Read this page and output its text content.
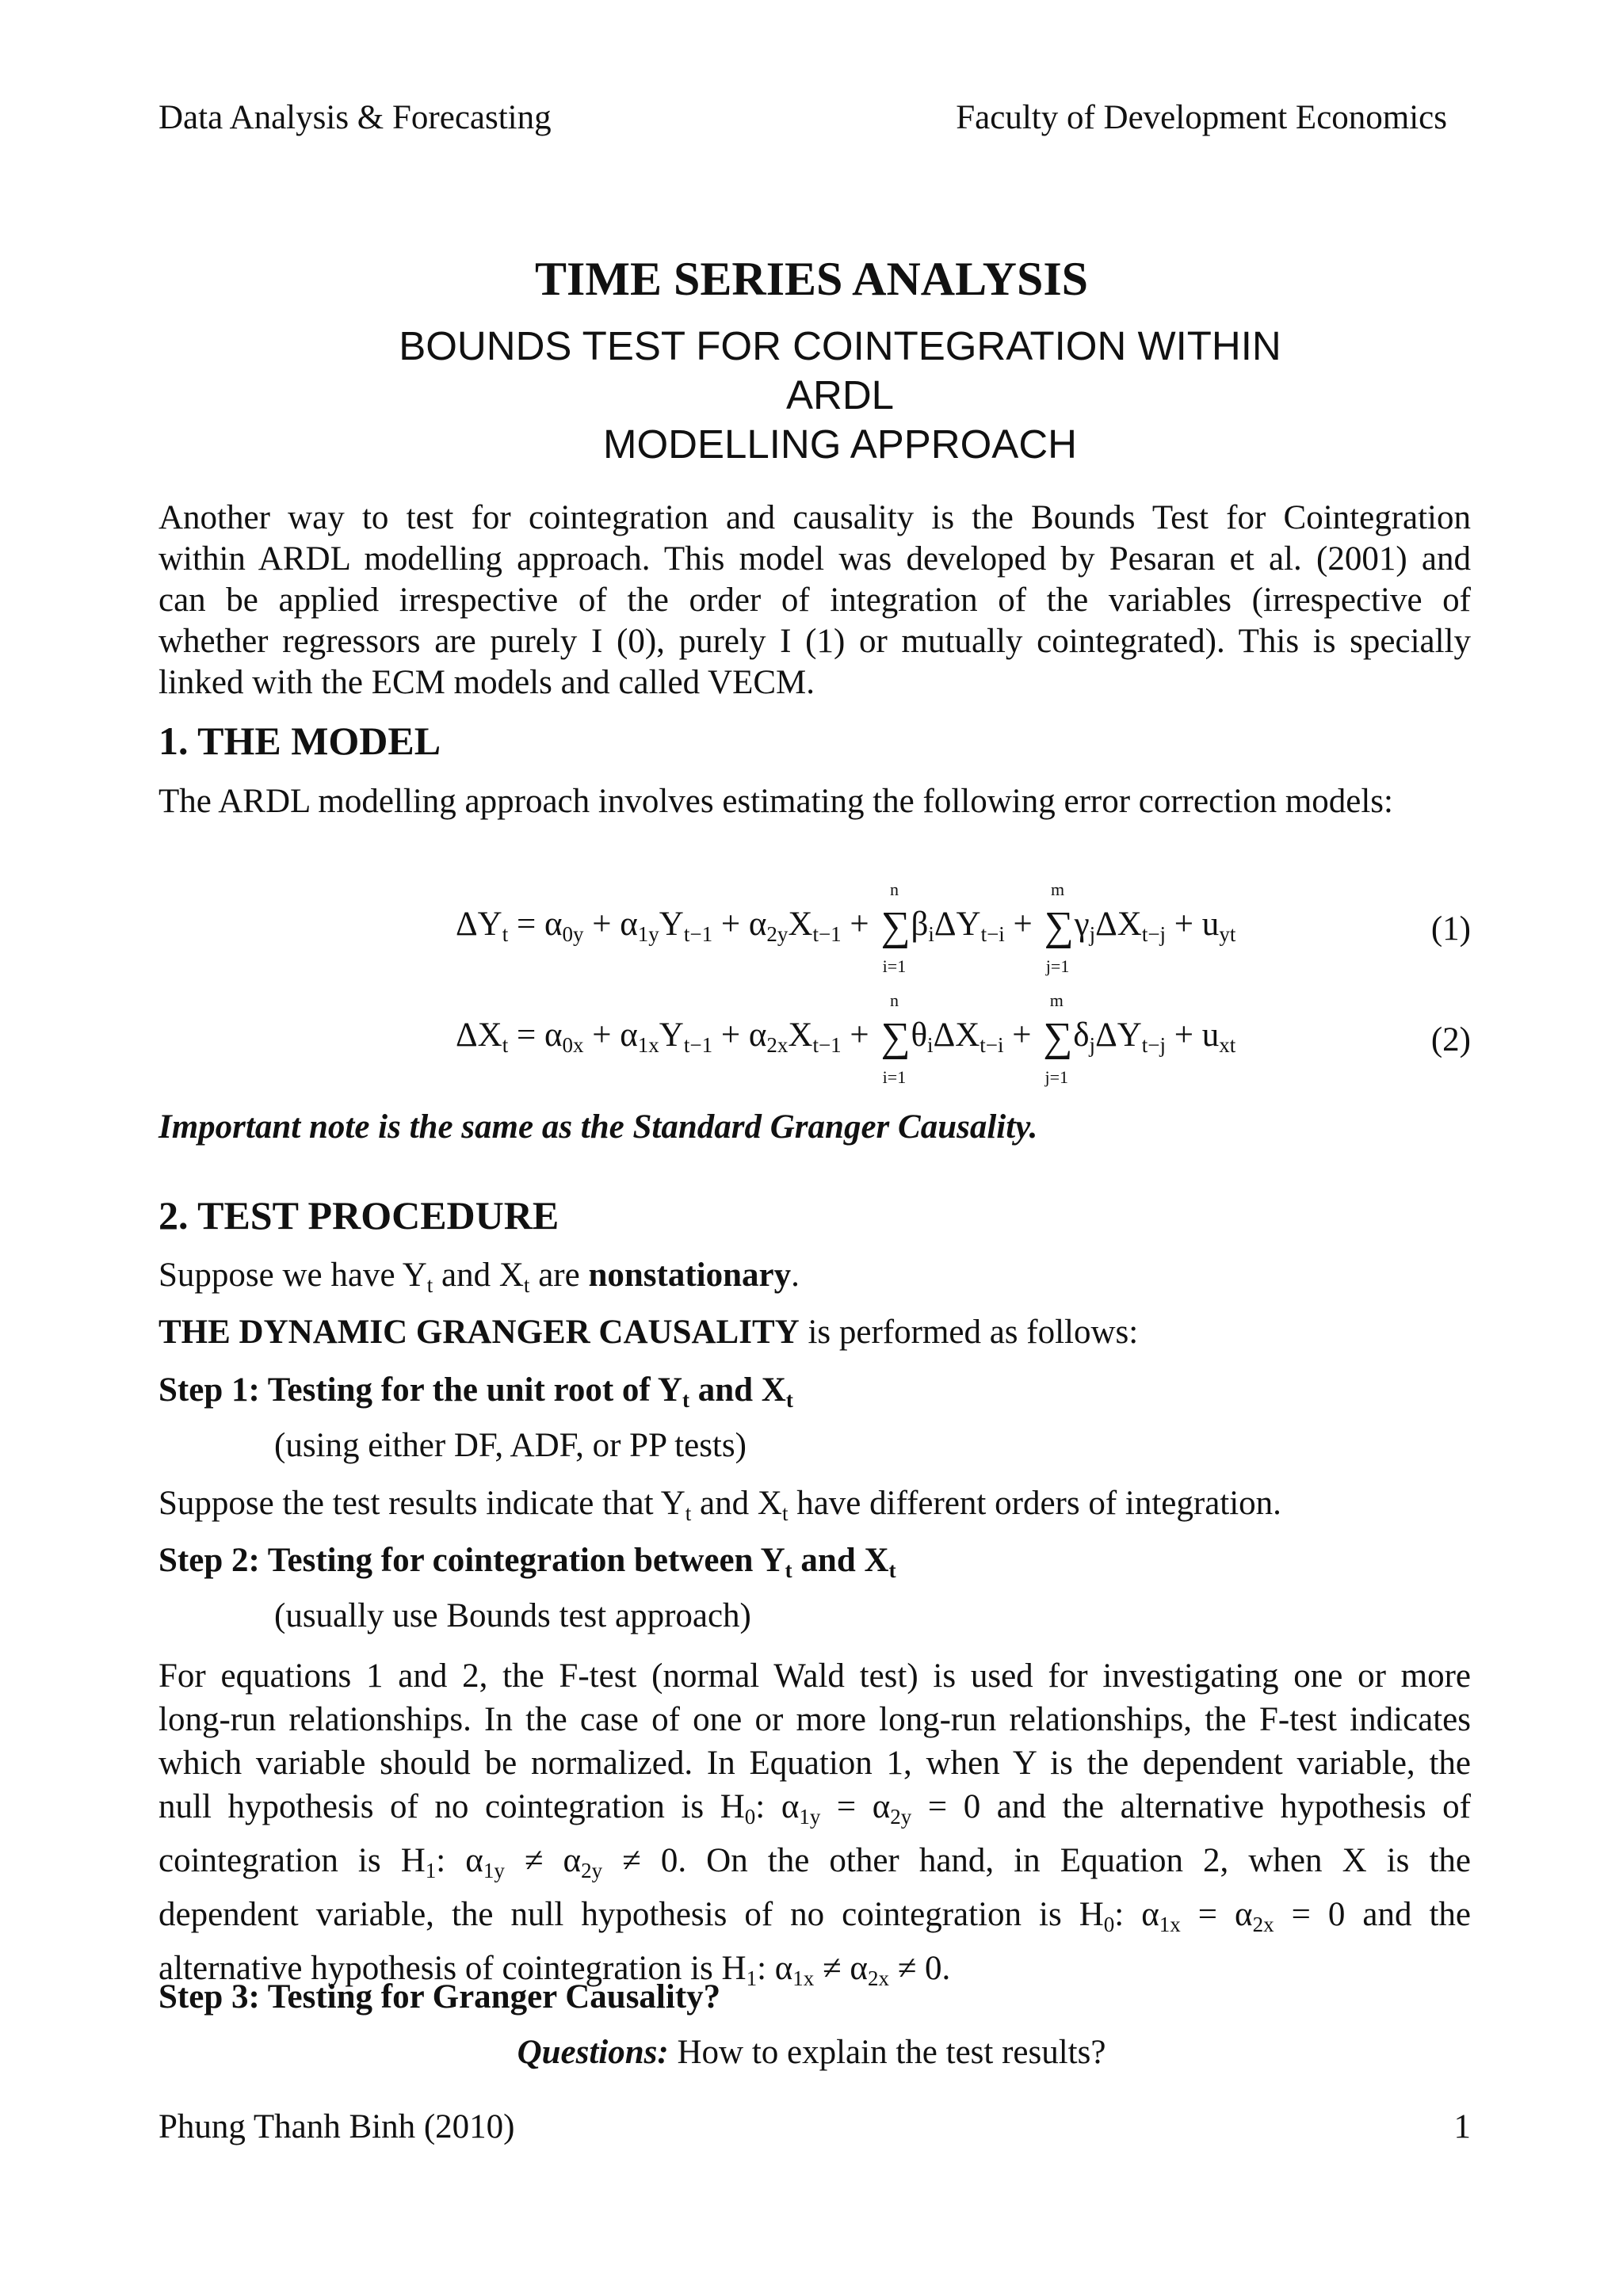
Data Analysis & Forecasting	Faculty of Development Economics
TIME SERIES ANALYSIS
BOUNDS TEST FOR COINTEGRATION WITHIN ARDL
MODELLING APPROACH
Another way to test for cointegration and causality is the Bounds Test for Cointegration
within ARDL modelling approach. This model was developed by Pesaran et al. (2001) and
can be applied irrespective of the order of integration of the variables (irrespective of
whether regressors are purely I (0), purely I (1) or mutually cointegrated). This is specially
linked with the ECM models and called VECM.
1. THE MODEL
The ARDL modelling approach involves estimating the following error correction models:
$\Delta Y_t = \alpha_{0y} + \alpha_{1y}Y_{t-1} + \alpha_{2y}X_{t-1}$ +
n
∑
i=1
$\beta_i\Delta Y_{t-i}$ +
m
∑
j=1
$\gamma_j\Delta X_{t-j} + u_{yt}$	(1)
$\Delta X_t = \alpha_{0x} + \alpha_{1x}Y_{t-1} + \alpha_{2x}X_{t-1}$ +
n
∑
i=1
$\theta_i\Delta X_{t-i}$ +
m
∑
j=1
$\delta_j\Delta Y_{t-j} + u_{xt}$	(2)
Important note is the same as the Standard Granger Causality.
2. TEST PROCEDURE
Suppose we have $Y_t$ and $X_t$ are nonstationary.
THE DYNAMIC GRANGER CAUSALITY is performed as follows:
Step 1: Testing for the unit root of $Y_t$ and $X_t$
(using either DF, ADF, or PP tests)
Suppose the test results indicate that $Y_t$ and $X_t$ have different orders of integration.
Step 2: Testing for cointegration between $Y_t$ and $X_t$
(usually use Bounds test approach)
For equations 1 and 2, the F-test (normal Wald test) is used for investigating one or more
long-run relationships. In the case of one or more long-run relationships, the F-test indicates
which variable should be normalized. In Equation 1, when Y is the dependent variable, the
null hypothesis of no cointegration is $H_0$: $\alpha_{1y} = \alpha_{2y} = 0$ and the alternative hypothesis of
cointegration is $H_1$: $\alpha_{1y} \ne \alpha_{2y} \ne 0$. On the other hand, in Equation 2, when X is the
dependent variable, the null hypothesis of no cointegration is $H_0$: $\alpha_{1x} = \alpha_{2x} = 0$ and the
alternative hypothesis of cointegration is $H_1$: $\alpha_{1x} \ne \alpha_{2x} \ne 0$.
Step 3: Testing for Granger Causality?
Questions: How to explain the test results?
Phung Thanh Binh (2010)	1
